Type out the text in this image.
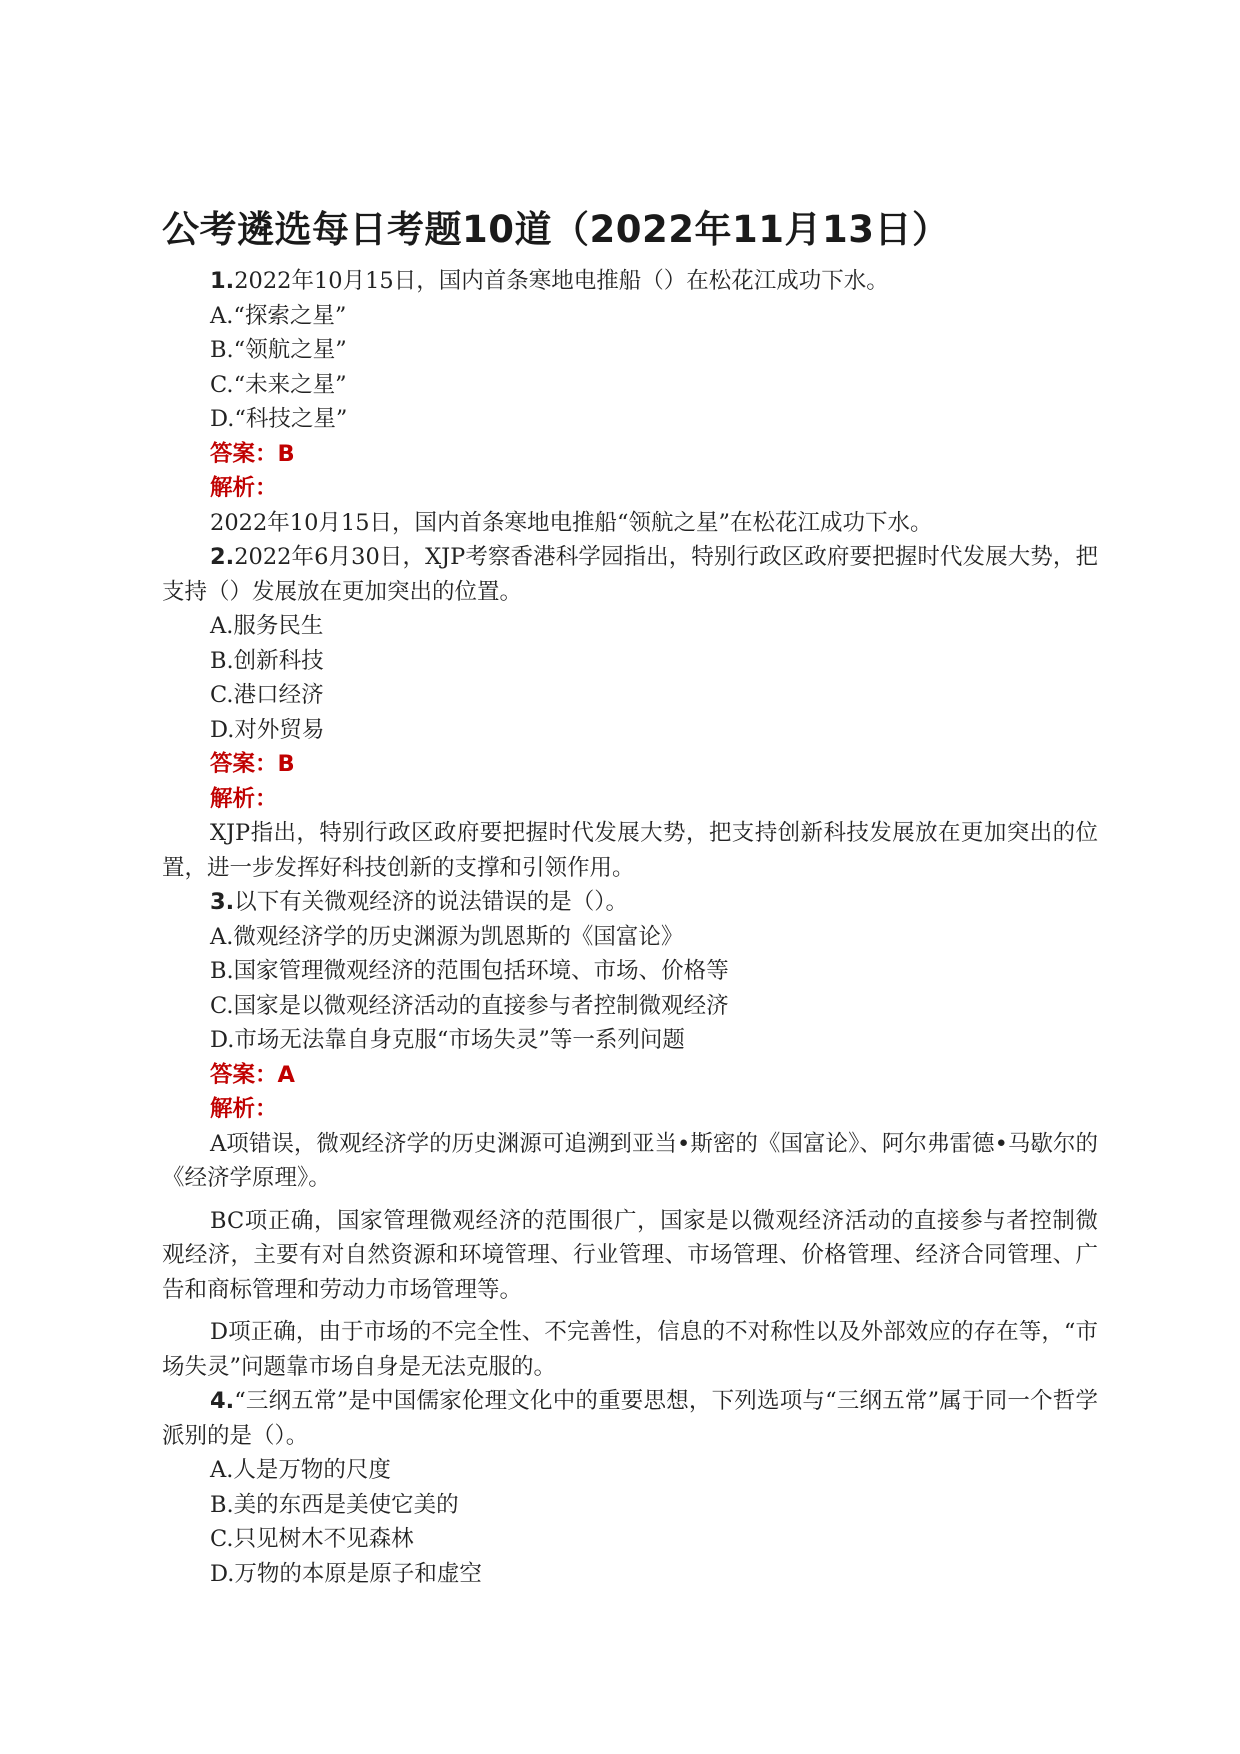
公考遴选每日考题10道（2022年11月13日）

1.2022年10月15日，国内首条寒地电推船（）在松花江成功下水。

A.“探索之星”

B.“领航之星”

C.“未来之星”

D.“科技之星”

答案：B

解析：

2022年10月15日，国内首条寒地电推船“领航之星”在松花江成功下水。

2.2022年6月30日，XJP考察香港科学园指出，特别行政区政府要把握时代发展大势，把支持（）发展放在更加突出的位置。

A.服务民生

B.创新科技

C.港口经济

D.对外贸易

答案：B

解析：

XJP指出，特别行政区政府要把握时代发展大势，把支持创新科技发展放在更加突出的位置，进一步发挥好科技创新的支撑和引领作用。

3.以下有关微观经济的说法错误的是（）。

A.微观经济学的历史渊源为凯恩斯的《国富论》

B.国家管理微观经济的范围包括环境、市场、价格等

C.国家是以微观经济活动的直接参与者控制微观经济

D.市场无法靠自身克服“市场失灵”等一系列问题

答案：A

解析：

A项错误，微观经济学的历史渊源可追溯到亚当•斯密的《国富论》、阿尔弗雷德•马歇尔的《经济学原理》。

BC项正确，国家管理微观经济的范围很广，国家是以微观经济活动的直接参与者控制微观经济，主要有对自然资源和环境管理、行业管理、市场管理、价格管理、经济合同管理、广告和商标管理和劳动力市场管理等。

D项正确，由于市场的不完全性、不完善性，信息的不对称性以及外部效应的存在等，“市场失灵”问题靠市场自身是无法克服的。

4.“三纲五常”是中国儒家伦理文化中的重要思想，下列选项与“三纲五常”属于同一个哲学派别的是（）。

A.人是万物的尺度

B.美的东西是美使它美的

C.只见树木不见森林

D.万物的本原是原子和虚空
